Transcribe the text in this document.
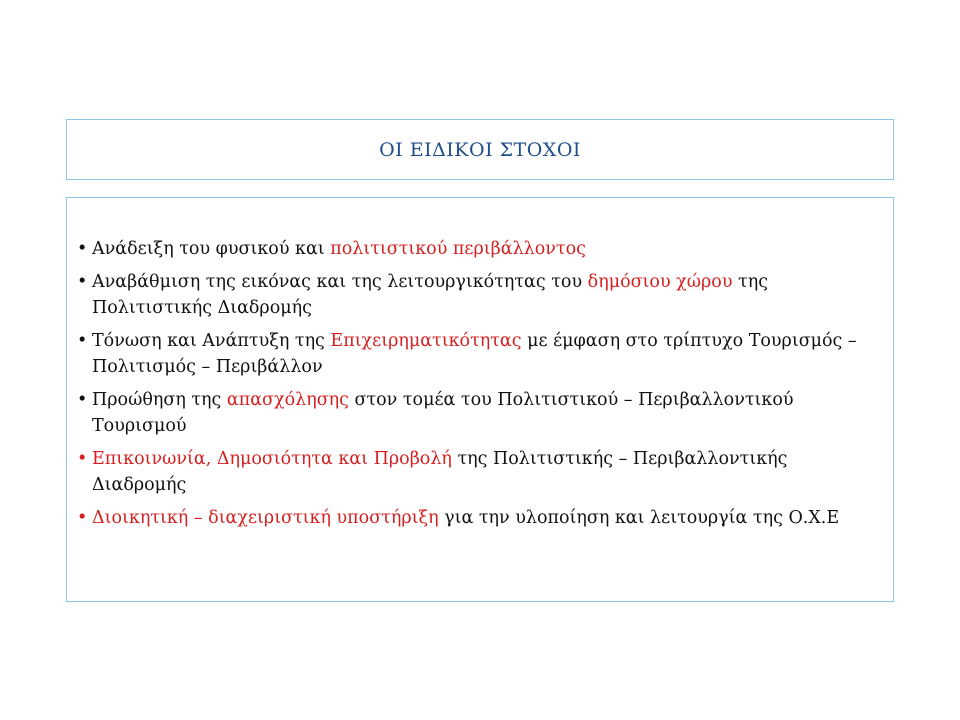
ΟΙ ΕΙΔΙΚΟΙ ΣΤΟΧΟΙ
• Ανάδειξη του φυσικού και πολιτιστικού περιβάλλοντος
• Αναβάθμιση της εικόνας και της λειτουργικότητας του δημόσιου χώρου της Πολιτιστικής Διαδρομής
• Τόνωση και Ανάπτυξη της Επιχειρηματικότητας με έμφαση στο τρίπτυχο Τουρισμός – Πολιτισμός – Περιβάλλον
• Προώθηση της απασχόλησης στον τομέα του Πολιτιστικού – Περιβαλλοντικού Τουρισμού
• Επικοινωνία, Δημοσιότητα και Προβολή της Πολιτιστικής – Περιβαλλοντικής Διαδρομής
• Διοικητική – διαχειριστική υποστήριξη για την υλοποίηση και λειτουργία της Ο.Χ.Ε
